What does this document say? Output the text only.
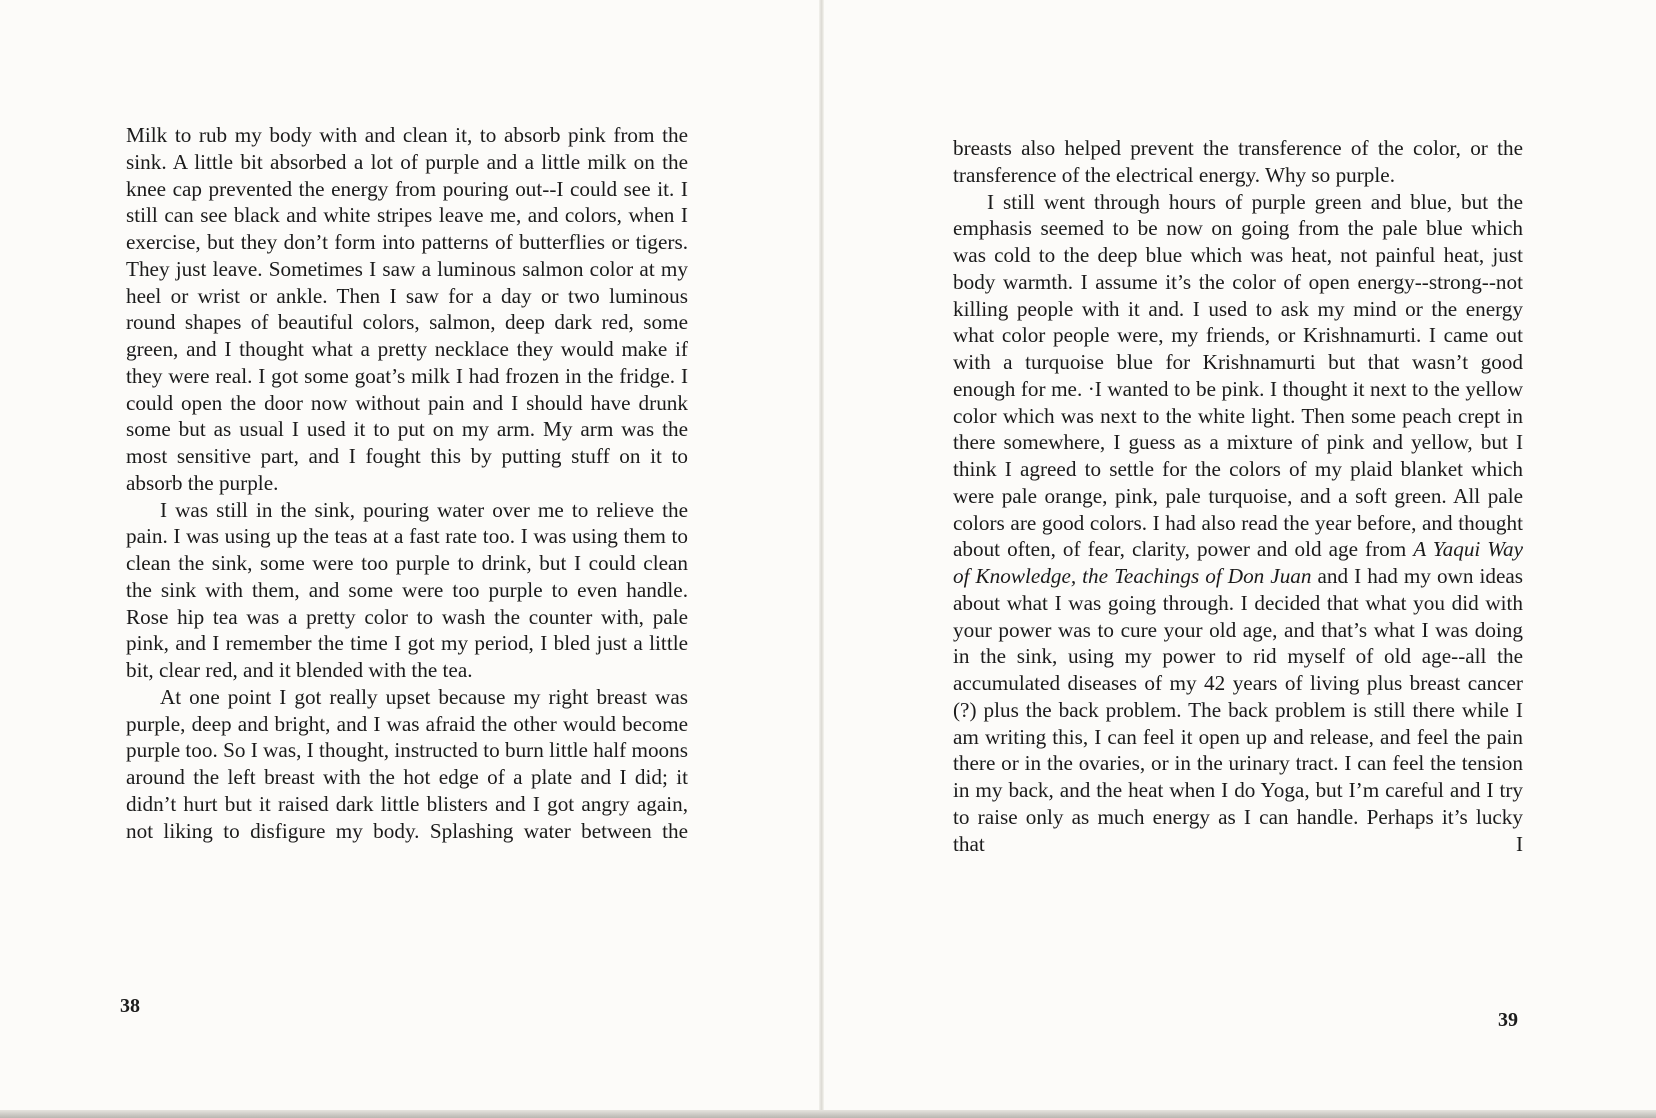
Milk to rub my body with and clean it, to absorb pink from the sink. A little bit absorbed a lot of purple and a little milk on the knee cap prevented the energy from pouring out--I could see it. I still can see black and white stripes leave me, and colors, when I exercise, but they don’t form into patterns of butterflies or tigers. They just leave. Sometimes I saw a luminous salmon color at my heel or wrist or ankle. Then I saw for a day or two luminous round shapes of beautiful colors, salmon, deep dark red, some green, and I thought what a pretty necklace they would make if they were real. I got some goat’s milk I had frozen in the fridge. I could open the door now without pain and I should have drunk some but as usual I used it to put on my arm. My arm was the most sensitive part, and I fought this by putting stuff on it to absorb the purple.

I was still in the sink, pouring water over me to relieve the pain. I was using up the teas at a fast rate too. I was using them to clean the sink, some were too purple to drink, but I could clean the sink with them, and some were too purple to even handle. Rose hip tea was a pretty color to wash the counter with, pale pink, and I remember the time I got my period, I bled just a little bit, clear red, and it blended with the tea.

At one point I got really upset because my right breast was purple, deep and bright, and I was afraid the other would become purple too. So I was, I thought, instructed to burn little half moons around the left breast with the hot edge of a plate and I did; it didn’t hurt but it raised dark little blisters and I got angry again, not liking to disfigure my body. Splashing water between the

38

breasts also helped prevent the transference of the color, or the transference of the electrical energy. Why so purple.

I still went through hours of purple green and blue, but the emphasis seemed to be now on going from the pale blue which was cold to the deep blue which was heat, not painful heat, just body warmth. I assume it’s the color of open energy--strong--not killing people with it and. I used to ask my mind or the energy what color people were, my friends, or Krishnamurti. I came out with a turquoise blue for Krishnamurti but that wasn’t good enough for me. ·I wanted to be pink. I thought it next to the yellow color which was next to the white light. Then some peach crept in there somewhere, I guess as a mixture of pink and yellow, but I think I agreed to settle for the colors of my plaid blanket which were pale orange, pink, pale turquoise, and a soft green. All pale colors are good colors. I had also read the year before, and thought about often, of fear, clarity, power and old age from A Yaqui Way of Knowledge, the Teachings of Don Juan and I had my own ideas about what I was going through. I decided that what you did with your power was to cure your old age, and that’s what I was doing in the sink, using my power to rid myself of old age--all the accumulated diseases of my 42 years of living plus breast cancer (?) plus the back problem. The back problem is still there while I am writing this, I can feel it open up and release, and feel the pain there or in the ovaries, or in the urinary tract. I can feel the tension in my back, and the heat when I do Yoga, but I’m careful and I try to raise only as much energy as I can handle. Perhaps it’s lucky that I

39
